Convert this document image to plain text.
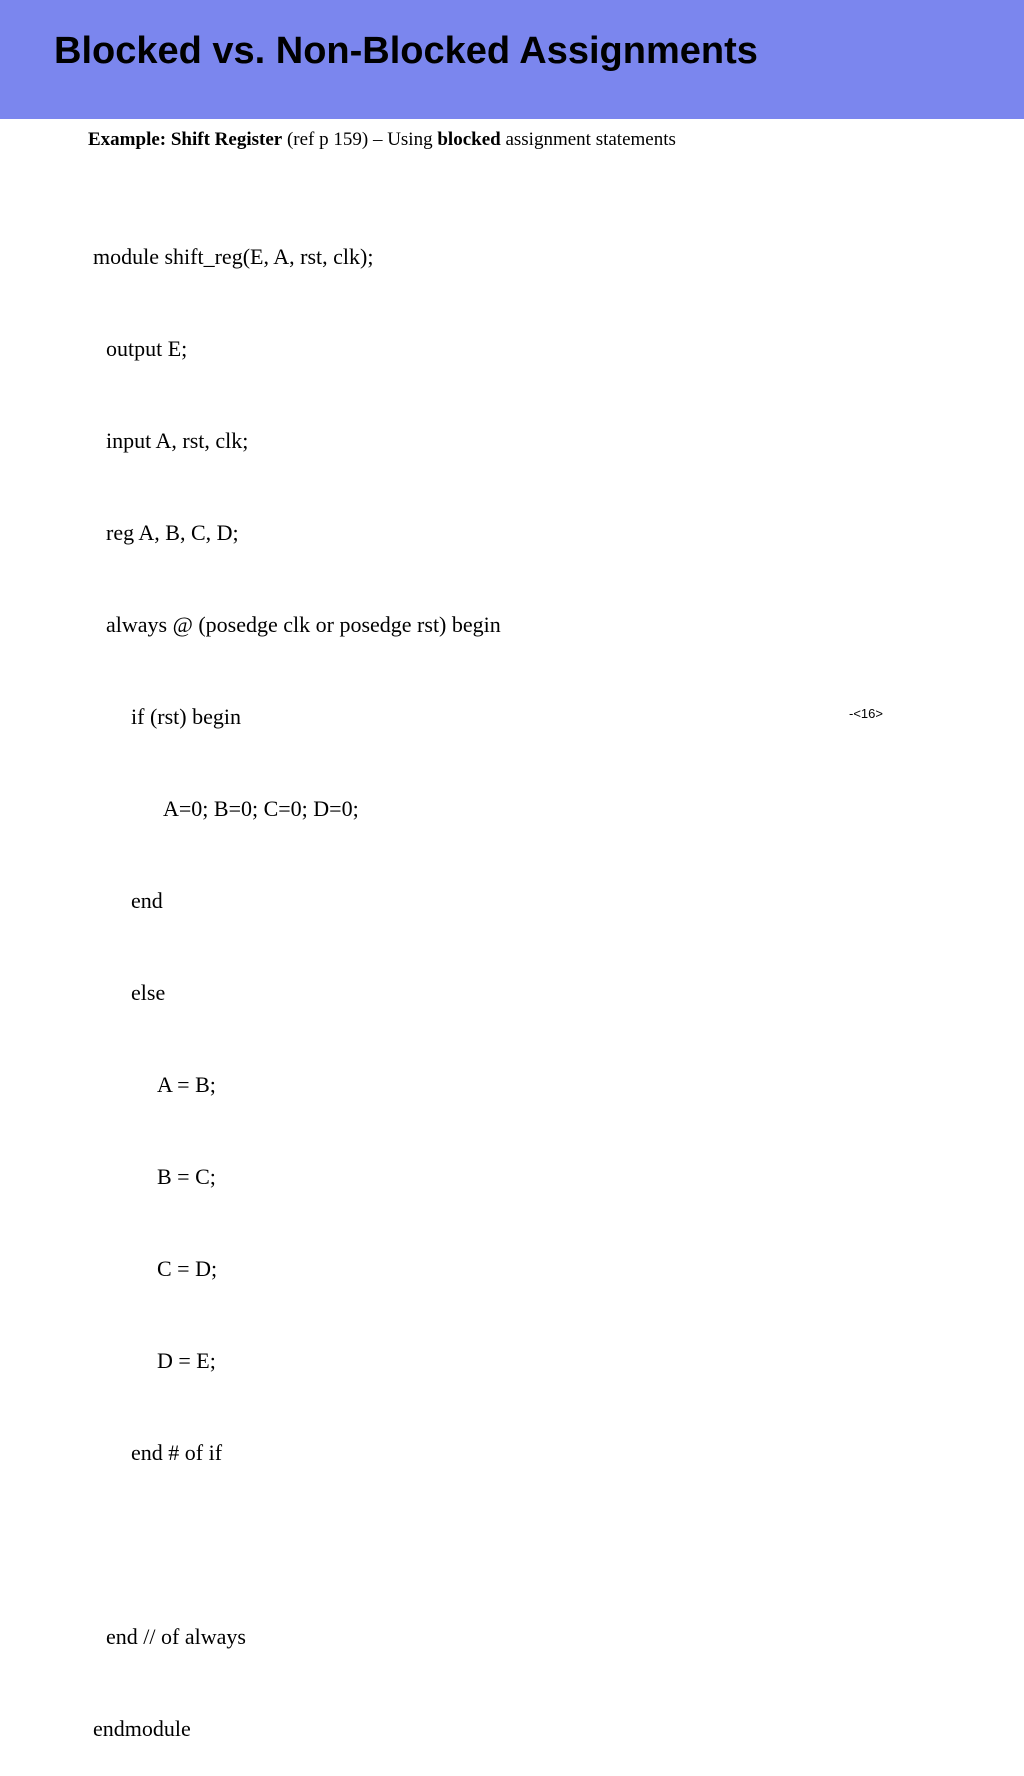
Blocked vs. Non-Blocked Assignments
Example: Shift Register (ref p 159) – Using blocked assignment statements

module shift_reg(E, A, rst, clk);

output E;

input A, rst, clk;

reg A, B, C, D;

always @ (posedge clk or posedge rst) begin

if (rst) begin

A=0; B=0; C=0; D=0;

end

else

A = B;

B = C;

C = D;

D = E;

end # of if

end // of always

endmodule

-<16>
